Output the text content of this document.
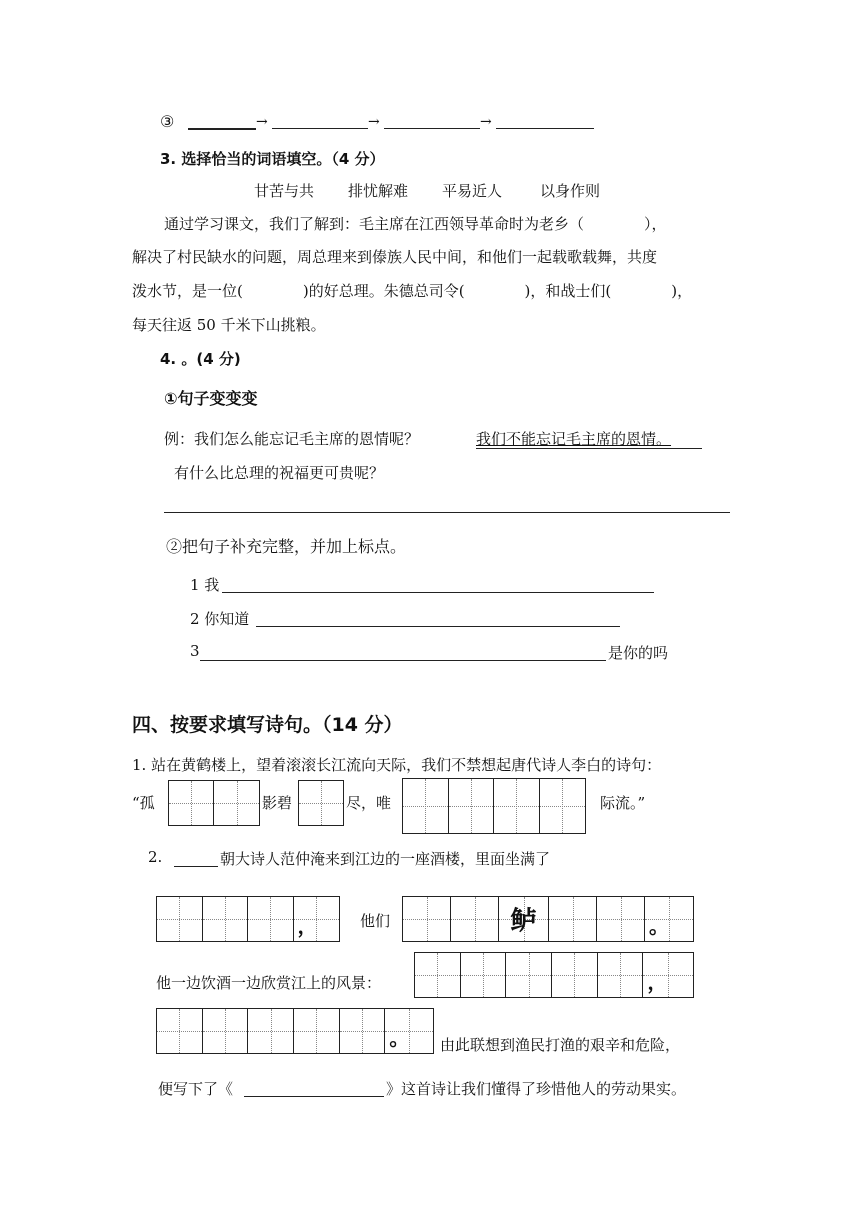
③	→	→	→
3. 选择恰当的词语填空。（4 分）
甘苦与共 排忧解难 平易近人	以身作则
通过学习课文，我们了解到：毛主席在江西领导革命时为老乡（　　　　），
解决了村民缺水的问题，周总理来到傣族人民中间，和他们一起载歌载舞，共度
泼水节，是一位(　　　　)的好总理。朱德总司令(　　　　)，和战士们(　　　　)，
每天往返 50 千米下山挑粮。
4. 。(4 分)
①句子变变变
例：我们怎么能忘记毛主席的恩情呢？	我们不能忘记毛主席的恩情。
有什么比总理的祝福更可贵呢？
②把句子补充完整，并加上标点。
1 我
2 你知道
3	是你的吗
四、按要求填写诗句。（14 分）
1. 站在黄鹤楼上，望着滚滚长江流向天际，我们不禁想起唐代诗人李白的诗句：
“孤	影碧	尽，唯	际流。”
2.	朝大诗人范仲淹来到江边的一座酒楼，里面坐满了
，	他们	鲈	。
他一边饮酒一边欣赏江上的风景：	，
。 由此联想到渔民打渔的艰辛和危险，
便写下了《	》这首诗让我们懂得了珍惜他人的劳动果实。
